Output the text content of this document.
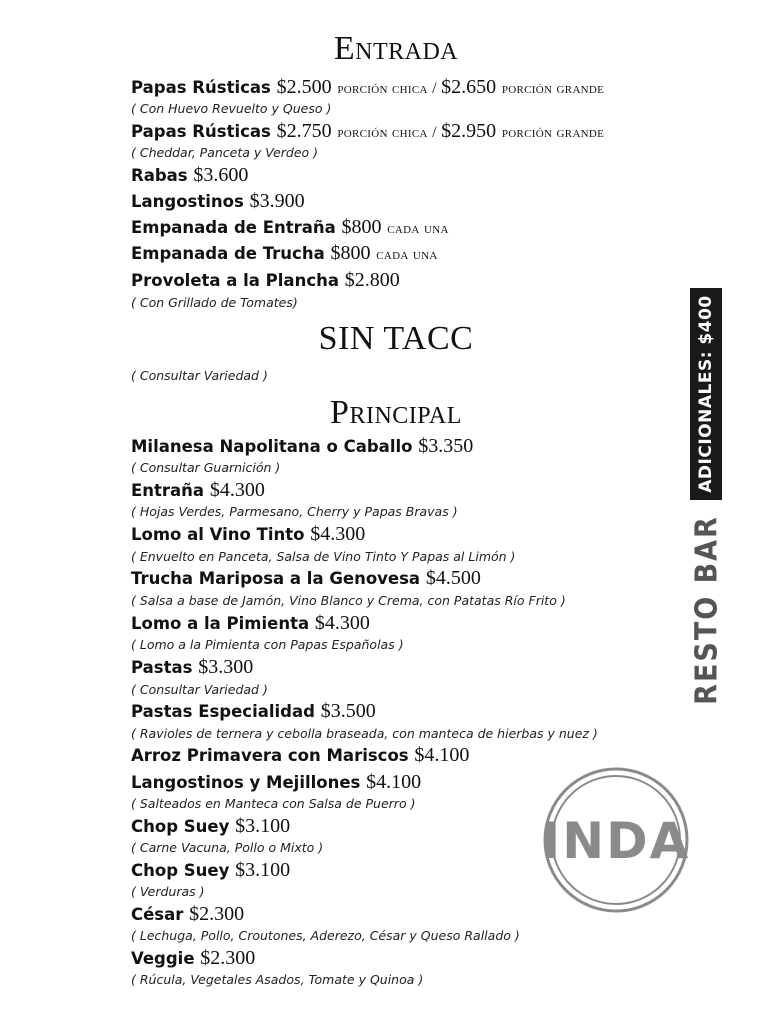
Entrada
SIN TACC
Principal
Papas Rústicas $2.500 porción chica / $2.650 porción grande
( Con Huevo Revuelto y Queso )
Papas Rústicas $2.750 porción chica / $2.950 porción grande
( Cheddar, Panceta y Verdeo )
Rabas $3.600
Langostinos $3.900
Empanada de Entraña $800 cada una
Empanada de Trucha $800 cada una
Provoleta a la Plancha $2.800
( Con Grillado de Tomates)
( Consultar Variedad )
Milanesa Napolitana o Caballo $3.350
( Consultar Guarnición )
Entraña $4.300
( Hojas Verdes, Parmesano, Cherry y Papas Bravas )
Lomo al Vino Tinto $4.300
( Envuelto en Panceta, Salsa de Vino Tinto Y Papas al Limón )
Trucha Mariposa a la Genovesa $4.500
( Salsa a base de Jamón, Vino Blanco y Crema, con Patatas Río Frito )
Lomo a la Pimienta $4.300
( Lomo a la Pimienta con Papas Españolas )
Pastas $3.300
( Consultar Variedad )
Pastas Especialidad $3.500
( Ravioles de ternera y cebolla braseada, con manteca de hierbas y nuez )
Arroz Primavera con Mariscos $4.100
Langostinos y Mejillones $4.100
( Salteados en Manteca con Salsa de Puerro )
Chop Suey $3.100
( Carne Vacuna, Pollo o Mixto )
Chop Suey $3.100
( Verduras )
César $2.300
( Lechuga, Pollo, Croutones, Aderezo, César y Queso Rallado )
Veggie $2.300
( Rúcula, Vegetales Asados, Tomate y Quinoa )
ADICIONALES: $400
RESTO BAR
INDA
